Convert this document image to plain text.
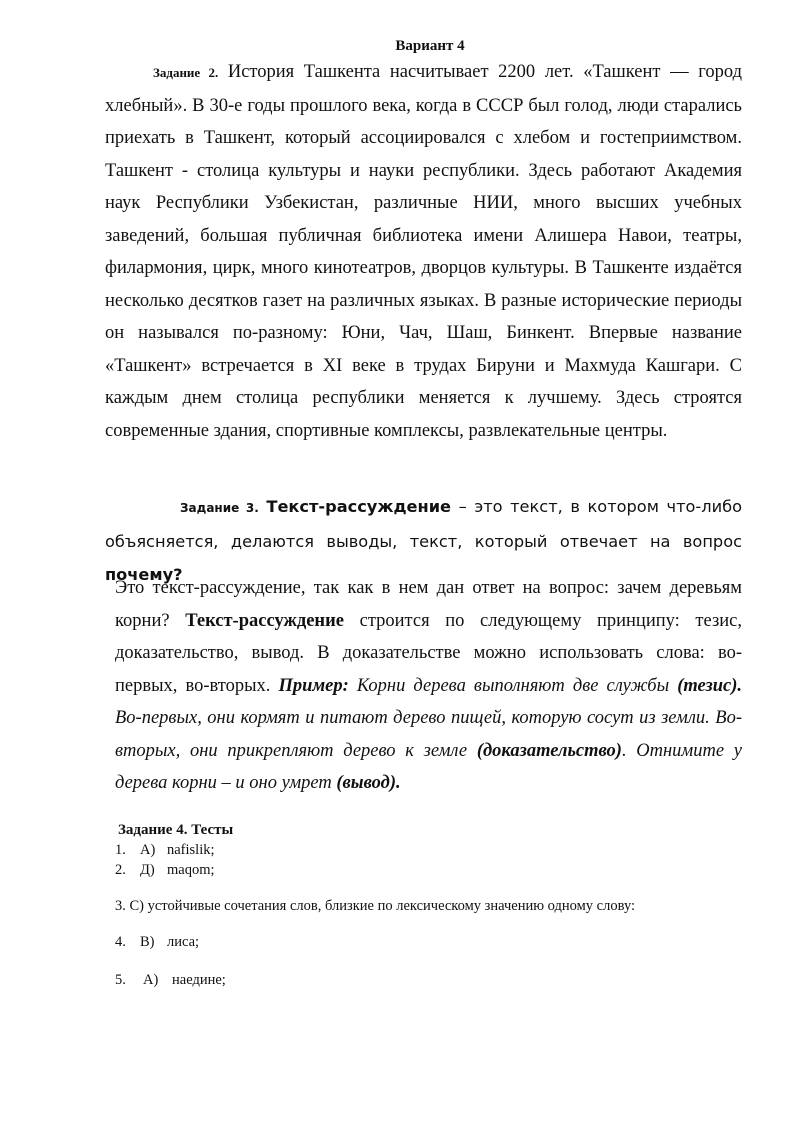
Вариант 4
Задание 2. История Ташкента насчитывает 2200 лет. «Ташкент — город хлебный». В 30-е годы прошлого века, когда в СССР был голод, люди старались приехать в Ташкент, который ассоциировался с хлебом и гостеприимством. Ташкент - столица культуры и науки республики. Здесь работают Академия наук Республики Узбекистан, различные НИИ, много высших учебных заведений, большая публичная библиотека имени Алишера Навои, театры, филармония, цирк, много кинотеатров, дворцов культуры. В Ташкенте издаётся несколько десятков газет на различных языках. В разные исторические периоды он назывался по-разному: Юни, Чач, Шаш, Бинкент. Впервые название «Ташкент» встречается в XI веке в трудах Бируни и Махмуда Кашгари. С каждым днем столица республики меняется к лучшему. Здесь строятся современные здания, спортивные комплексы, развлекательные центры.
Задание 3. Текст-рассуждение – это текст, в котором что-либо объясняется, делаются выводы, текст, который отвечает на вопрос почему?
Это текст-рассуждение, так как в нем дан ответ на вопрос: зачем деревьям корни? Текст-рассуждение строится по следующему принципу: тезис, доказательство, вывод. В доказательстве можно использовать слова: во-первых, во-вторых. Пример: Корни дерева выполняют две службы (тезис). Во-первых, они кормят и питают дерево пищей, которую сосут из земли. Во-вторых, они прикрепляют дерево к земле (доказательство). Отнимите у дерева корни – и оно умрет (вывод).
Задание 4. Тесты
1. А) nafislik;
2. Д) maqom;
3. С) устойчивые сочетания слов, близкие по лексическому значению одному слову:
4. В) лиса;
5. А) наедине;
